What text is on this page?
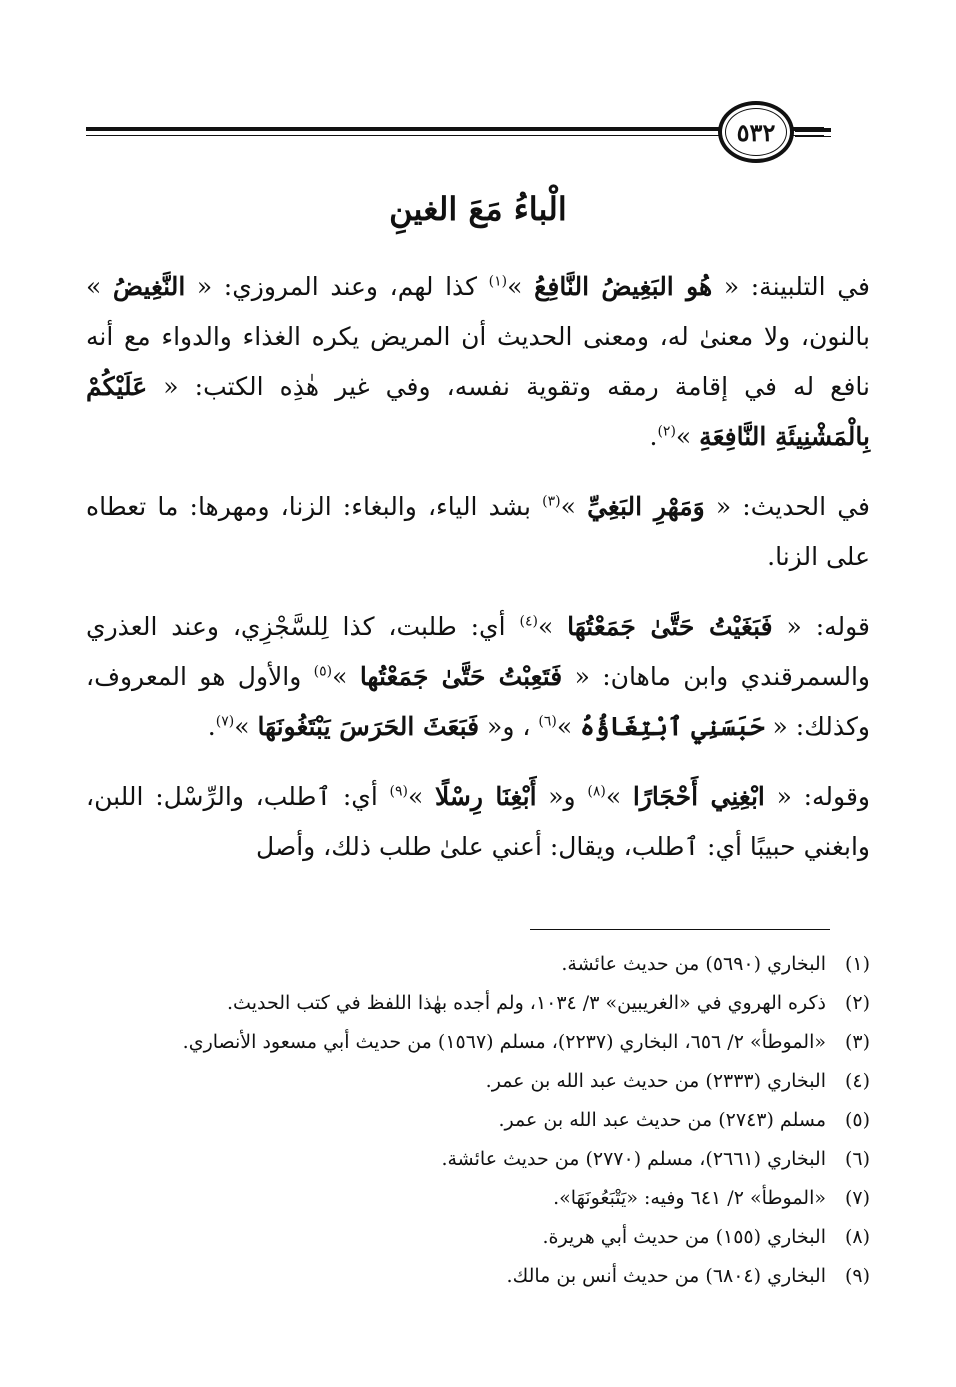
٥٣٢
الْباءُ مَعَ الغينِ

في التلبينة: « هُو البَغِيضُ النَّافِعُ »$^{(١)}$ كذا لهم، وعند المروزي: « النَّغِيضُ » بالنون، ولا معنىٰ له، ومعنى الحديث أن المريض يكره الغذاء والدواء مع أنه نافع له في إقامة رمقه وتقوية نفسه، وفي غير هٰذِه الكتب: « عَلَيْكُمْ بِالْمَشْنِيئَةِ النَّافِعَةِ »$^{(٢)}$.

في الحديث: « وَمَهْرِ البَغِيِّ »$^{(٣)}$ بشد الياء، والبغاء: الزنا، ومهرها: ما تعطاه على الزنا.

قوله: « فَبَغَيْتُ حَتَّىٰ جَمَعْتُهَا »$^{(٤)}$ أي: طلبت، كذا لِلسَّجْزِي، وعند العذري والسمرقندي وابن ماهان: « فَتَعِبْتُ حَتَّىٰ جَمَعْتُها »$^{(٥)}$ والأول هو المعروف، وكذلك: « حَبَسَنِي ٱبْتِغَاؤُهُ »$^{(٦)}$ ، و« فَبَعَثَ الحَرَسَ يَبْتَغُونَهَا »$^{(٧)}$.

وقوله: « ابْغِنِي أَحْجَارًا »$^{(٨)}$ و« أَبْغِنَا رِسْلًا »$^{(٩)}$ أي: ٱطلب، والرِّسْل: اللبن، وابغني حبيبًا أي: ٱطلب، ويقال: أعني علىٰ طلب ذلك، وأصل

(١)البخاري (٥٦٩٠) من حديث عائشة.
(٢)ذكره الهروي في «الغريبين» ٣/ ١٠٣٤، ولم أجده بهٰذا اللفظ في كتب الحديث.
(٣)«الموطأ» ٢/ ٦٥٦، البخاري (٢٢٣٧)، مسلم (١٥٦٧) من حديث أبي مسعود الأنصاري.
(٤)البخاري (٢٣٣٣) من حديث عبد الله بن عمر.
(٥)مسلم (٢٧٤٣) من حديث عبد الله بن عمر.
(٦)البخاري (٢٦٦١)، مسلم (٢٧٧٠) من حديث عائشة.
(٧)«الموطأ» ٢/ ٦٤١ وفيه: «يَتْبَعُونَهَا».
(٨)البخاري (١٥٥) من حديث أبي هريرة.
(٩)البخاري (٦٨٠٤) من حديث أنس بن مالك.
